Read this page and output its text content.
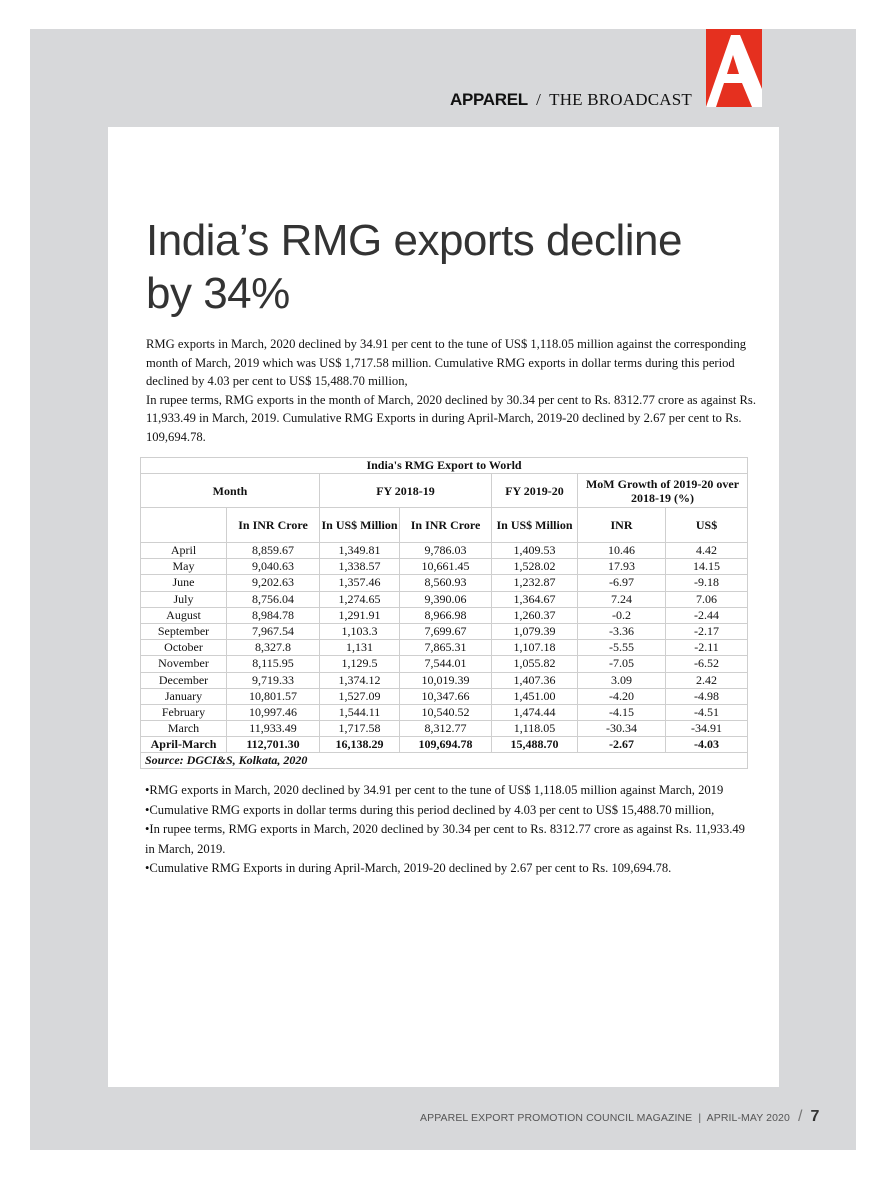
APPAREL / THE BROADCAST
India’s RMG exports decline by 34%

RMG exports in March, 2020 declined by 34.91 per cent to the tune of US$ 1,118.05 million against the corresponding month of March, 2019 which was US$ 1,717.58 million. Cumulative RMG exports in dollar terms during this period declined by 4.03 per cent to US$ 15,488.70 million,

In rupee terms, RMG exports in the month of March, 2020 declined by 30.34 per cent to Rs. 8312.77 crore as against Rs. 11,933.49 in March, 2019. Cumulative RMG Exports in during April-March, 2019-20 declined by 2.67 per cent to Rs. 109,694.78.

India's RMG Export to World						
Month		FY 2018-19		FY 2019-20	MoM Growth of 2019-20 over 2018-19 (%)	
	In INR Crore	In US$ Million	In INR Crore	In US$ Million	INR	US$
April	8,859.67	1,349.81	9,786.03	1,409.53	10.46	4.42
May	9,040.63	1,338.57	10,661.45	1,528.02	17.93	14.15
June	9,202.63	1,357.46	8,560.93	1,232.87	-6.97	-9.18
July	8,756.04	1,274.65	9,390.06	1,364.67	7.24	7.06
August	8,984.78	1,291.91	8,966.98	1,260.37	-0.2	-2.44
September	7,967.54	1,103.3	7,699.67	1,079.39	-3.36	-2.17
October	8,327.8	1,131	7,865.31	1,107.18	-5.55	-2.11
November	8,115.95	1,129.5	7,544.01	1,055.82	-7.05	-6.52
December	9,719.33	1,374.12	10,019.39	1,407.36	3.09	2.42
January	10,801.57	1,527.09	10,347.66	1,451.00	-4.20	-4.98
February	10,997.46	1,544.11	10,540.52	1,474.44	-4.15	-4.51
March	11,933.49	1,717.58	8,312.77	1,118.05	-30.34	-34.91
April-March	112,701.30	16,138.29	109,694.78	15,488.70	-2.67	-4.03
Source: DGCI&S, Kolkata, 2020						

•RMG exports in March, 2020 declined by 34.91 per cent to the tune of US$ 1,118.05 million against March, 2019

•Cumulative RMG exports in dollar terms during this period declined by 4.03 per cent to US$ 15,488.70 million,

•In rupee terms, RMG exports in March, 2020 declined by 30.34 per cent to Rs. 8312.77 crore as against Rs. 11,933.49 in March, 2019.

•Cumulative RMG Exports in during April-March, 2019-20 declined by 2.67 per cent to Rs. 109,694.78.

APPAREL EXPORT PROMOTION COUNCIL MAGAZINE | APRIL-MAY 2020 / 7
